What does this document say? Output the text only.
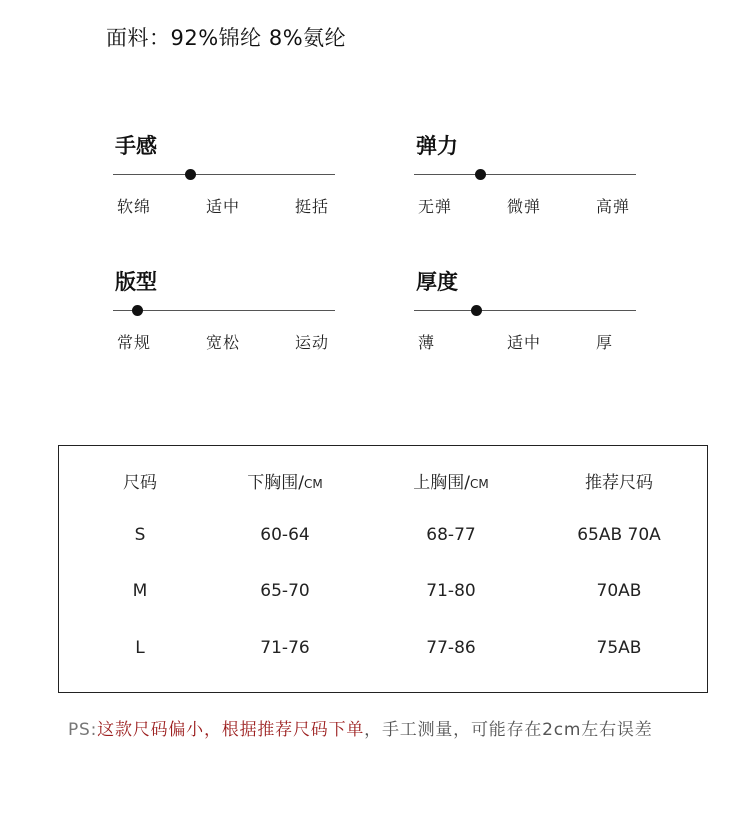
面料：92%锦纶 8%氨纶
手感
软绵	适中	挺括
弹力
无弹	微弹	高弹
版型
常规	宽松	运动
厚度
薄	适中	厚
尺码	下胸围/CM	上胸围/CM	推荐尺码
S	60-64	68-77	65AB 70A
M	65-70	71-80	70AB
L	71-76	77-86	75AB
PS:这款尺码偏小，根据推荐尺码下单，手工测量，可能存在2cm左右误差
